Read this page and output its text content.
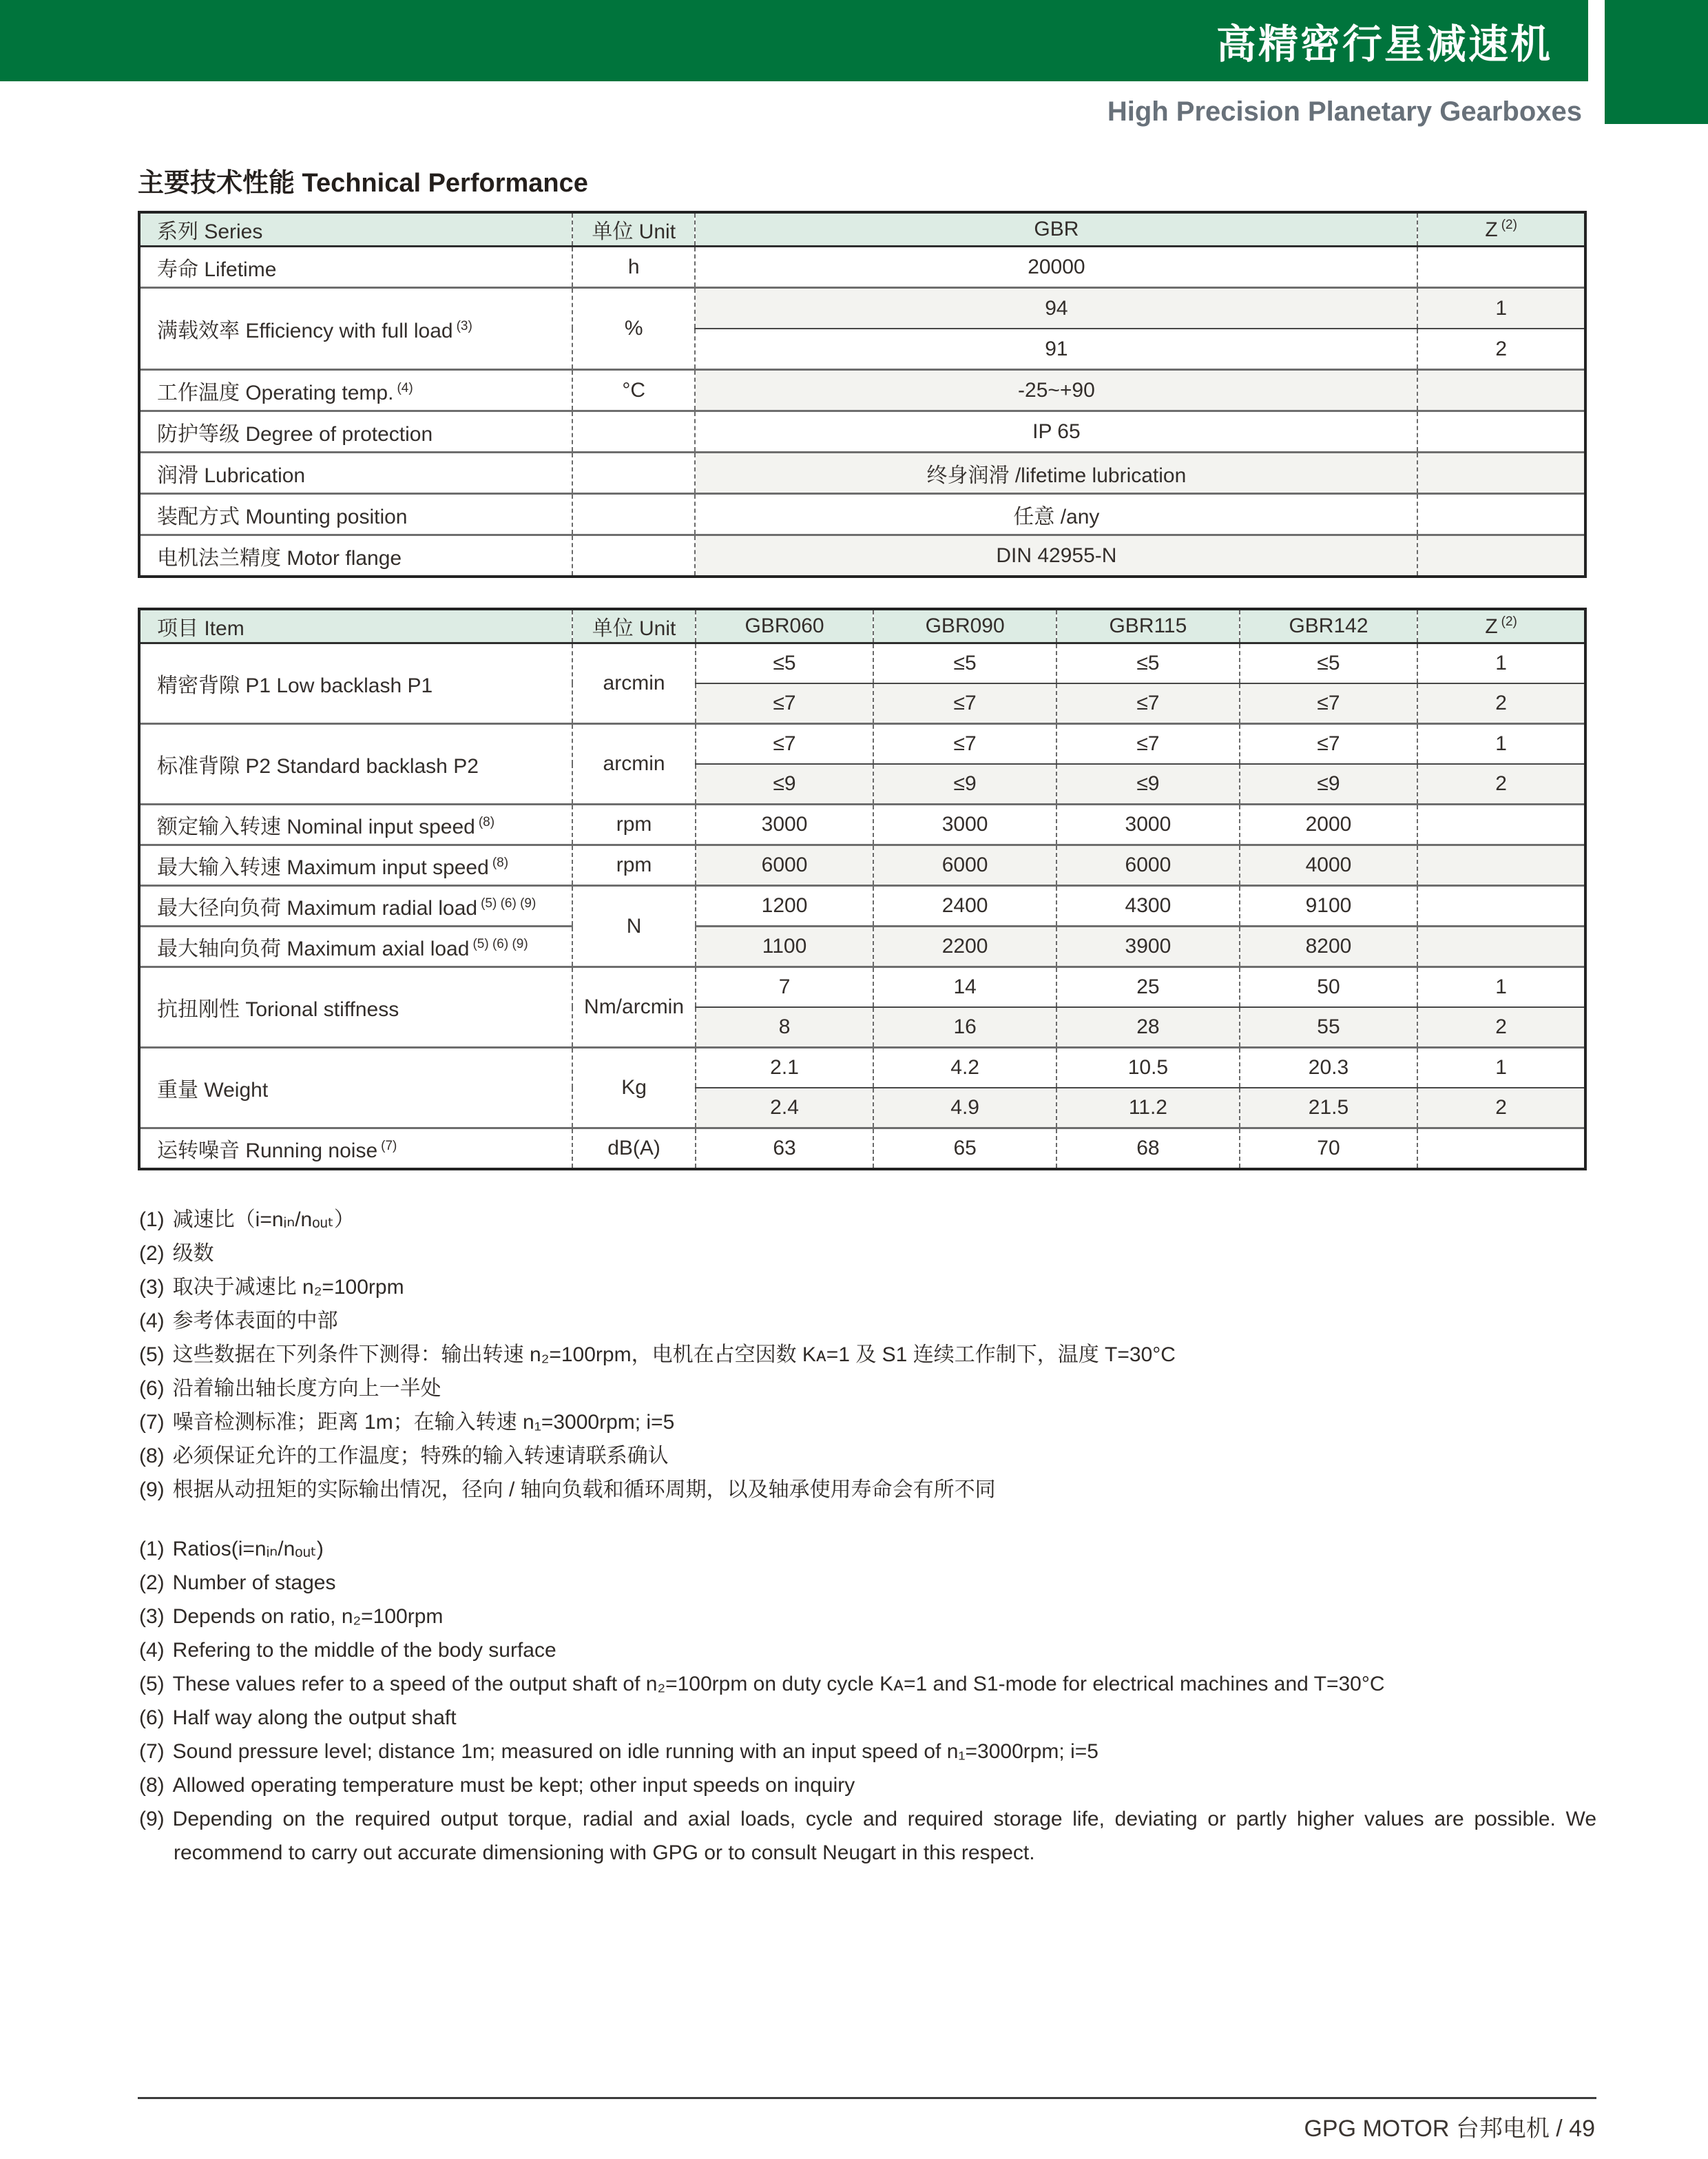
高精密行星减速机
High Precision Planetary Gearboxes
主要技术性能 Technical Performance
系列 Series	单位 Unit	GBR	Z $^{(2)}$
寿命 Lifetime	h	20000	
满载效率 Efficiency with full load $^{(3)}$	%	94	1
		91	2
工作温度 Operating temp. $^{(4)}$	°C	-25~+90	
防护等级 Degree of protection		IP 65	
润滑 Lubrication		终身润滑 /lifetime lubrication	
装配方式 Mounting position		任意 /any	
电机法兰精度 Motor flange		DIN 42955-N	
项目 Item	单位 Unit	GBR060	GBR090	GBR115	GBR142	Z $^{(2)}$
精密背隙 P1 Low backlash P1	arcmin	≤5	≤5	≤5	≤5	1
		≤7	≤7	≤7	≤7	2
标准背隙 P2 Standard backlash P2	arcmin	≤7	≤7	≤7	≤7	1
		≤9	≤9	≤9	≤9	2
额定输入转速 Nominal input speed $^{(8)}$	rpm	3000	3000	3000	2000	
最大输入转速 Maximum input speed $^{(8)}$	rpm	6000	6000	6000	4000	
最大径向负荷 Maximum radial load $^{(5) (6) (9)}$	N	1200	2400	4300	9100	
最大轴向负荷 Maximum axial load $^{(5) (6) (9)}$		1100	2200	3900	8200	
抗扭刚性 Torional stiffness	Nm/arcmin	7	14	25	50	1
		8	16	28	55	2
重量 Weight	Kg	2.1	4.2	10.5	20.3	1
		2.4	4.9	11.2	21.5	2
运转噪音 Running noise $^{(7)}$	dB(A)	63	65	68	70	
(1) 减速比（i=nᵢₙ/nₒᵤₜ）
(2) 级数
(3) 取决于减速比 n₂=100rpm
(4) 参考体表面的中部
(5) 这些数据在下列条件下测得：输出转速 n₂=100rpm，电机在占空因数 Kᴀ=1 及 S1 连续工作制下，温度 T=30°C
(6) 沿着输出轴长度方向上一半处
(7) 噪音检测标准；距离 1m；在输入转速 n₁=3000rpm; i=5
(8) 必须保证允许的工作温度；特殊的输入转速请联系确认
(9) 根据从动扭矩的实际输出情况，径向 / 轴向负载和循环周期，以及轴承使用寿命会有所不同
(1) Ratios(i=nᵢₙ/nₒᵤₜ)
(2) Number of stages
(3) Depends on ratio, n₂=100rpm
(4) Refering to the middle of the body surface
(5) These values refer to a speed of the output shaft of n₂=100rpm on duty cycle Kᴀ=1 and S1-mode for electrical machines and T=30°C
(6) Half way along the output shaft
(7) Sound pressure level; distance 1m; measured on idle running with an input speed of n₁=3000rpm; i=5
(8) Allowed operating temperature must be kept; other input speeds on inquiry
(9) Depending on the required output torque, radial and axial loads, cycle and required storage life, deviating or partly higher values are possible. We recommend to carry out accurate dimensioning with GPG or to consult Neugart in this respect.
GPG MOTOR 台邦电机 / 49
